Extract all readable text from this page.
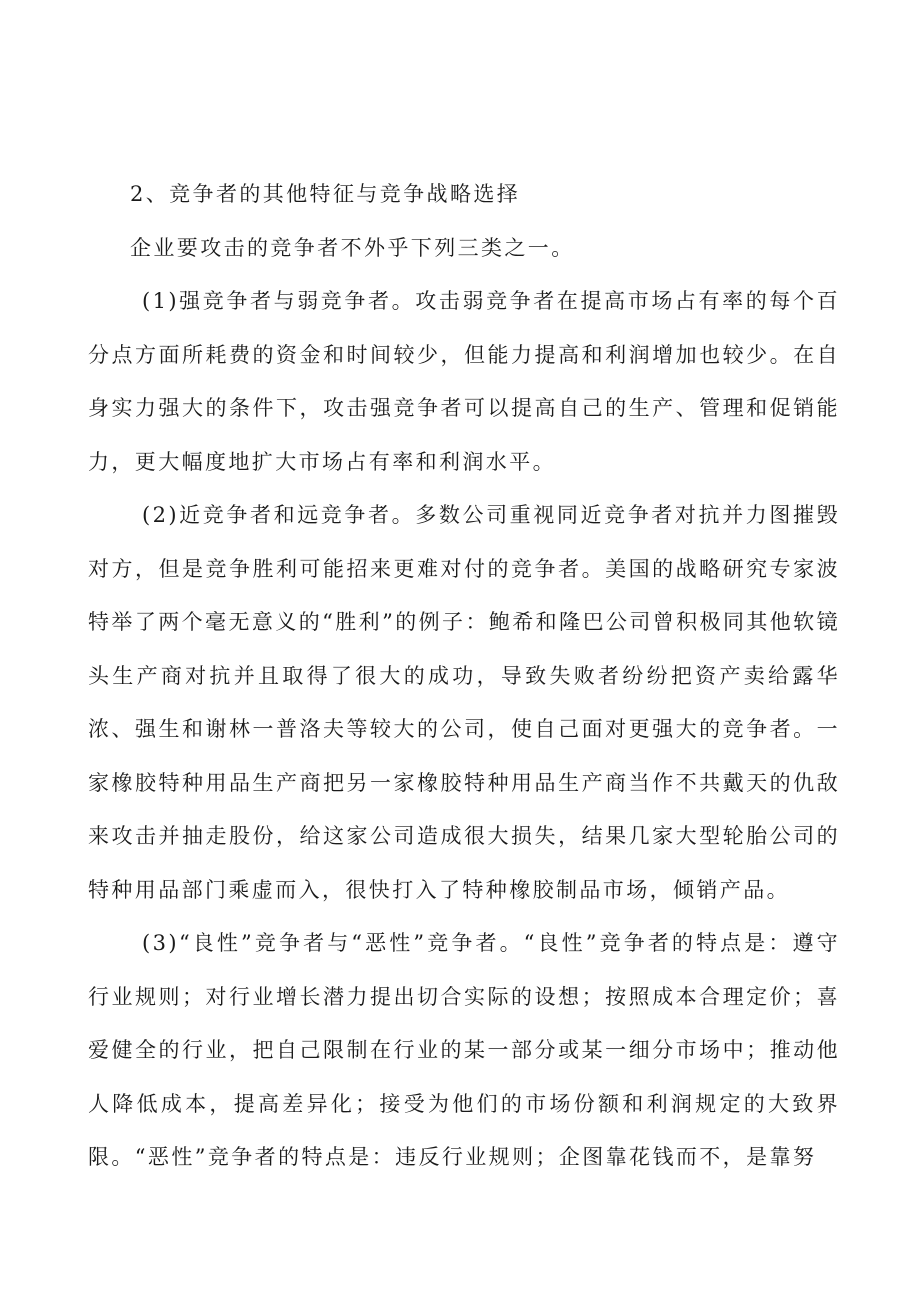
2、竞争者的其他特征与竞争战略选择

企业要攻击的竞争者不外乎下列三类之一。

(1)强竞争者与弱竞争者。攻击弱竞争者在提高市场占有率的每个百分点方面所耗费的资金和时间较少，但能力提高和利润增加也较少。在自身实力强大的条件下，攻击强竞争者可以提高自己的生产、管理和促销能力，更大幅度地扩大市场占有率和利润水平。

(2)近竞争者和远竞争者。多数公司重视同近竞争者对抗并力图摧毁对方，但是竞争胜利可能招来更难对付的竞争者。美国的战略研究专家波特举了两个毫无意义的“胜利”的例子：鲍希和隆巴公司曾积极同其他软镜头生产商对抗并且取得了很大的成功，导致失败者纷纷把资产卖给露华浓、强生和谢林一普洛夫等较大的公司，使自己面对更强大的竞争者。一家橡胶特种用品生产商把另一家橡胶特种用品生产商当作不共戴天的仇敌来攻击并抽走股份，给这家公司造成很大损失，结果几家大型轮胎公司的特种用品部门乘虚而入，很快打入了特种橡胶制品市场，倾销产品。

(3)“良性”竞争者与“恶性”竞争者。“良性”竞争者的特点是：遵守行业规则；对行业增长潜力提出切合实际的设想；按照成本合理定价；喜爱健全的行业，把自己限制在行业的某一部分或某一细分市场中；推动他人降低成本，提高差异化；接受为他们的市场份额和利润规定的大致界限。“恶性”竞争者的特点是：违反行业规则；企图靠花钱而不，是靠努
